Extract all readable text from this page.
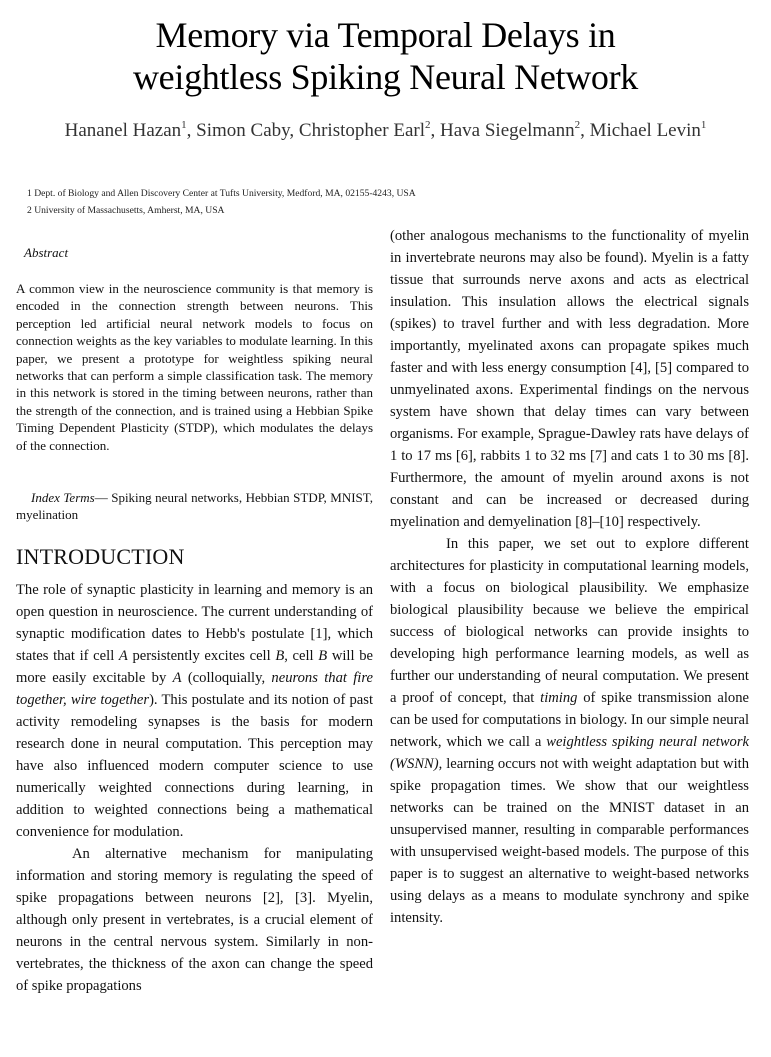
Memory via Temporal Delays in
weightless Spiking Neural Network
Hananel Hazan$^1$, Simon Caby, Christopher Earl$^2$, Hava Siegelmann$^2$, Michael Levin$^1$
1 Dept. of Biology and Allen Discovery Center at Tufts University, Medford, MA, 02155-4243, USA
2 University of Massachusetts, Amherst, MA, USA
Abstract
A common view in the neuroscience community is that memory is encoded in the connection strength between neurons. This perception led artificial neural network models to focus on connection weights as the key variables to modulate learning. In this paper, we present a prototype for weightless spiking neural networks that can perform a simple classification task. The memory in this network is stored in the timing between neurons, rather than the strength of the connection, and is trained using a Hebbian Spike Timing Dependent Plasticity (STDP), which modulates the delays of the connection.
Index Terms— Spiking neural networks, Hebbian STDP, MNIST, myelination
INTRODUCTION

The role of synaptic plasticity in learning and memory is an open question in neuroscience. The current understanding of synaptic modification dates to Hebb's postulate [1], which states that if cell A persistently excites cell B, cell B will be more easily excitable by A (colloquially, neurons that fire together, wire together). This postulate and its notion of past activity remodeling synapses is the basis for modern research done in neural computation. This perception may have also influenced modern computer science to use numerically weighted connections during learning, in addition to weighted connections being a mathematical convenience for modulation.

An alternative mechanism for manipulating information and storing memory is regulating the speed of spike propagations between neurons [2], [3]. Myelin, although only present in vertebrates, is a crucial element of neurons in the central nervous system. Similarly in non-vertebrates, the thickness of the axon can change the speed of spike propagations

(other analogous mechanisms to the functionality of myelin in invertebrate neurons may also be found). Myelin is a fatty tissue that surrounds nerve axons and acts as electrical insulation. This insulation allows the electrical signals (spikes) to travel further and with less degradation. More importantly, myelinated axons can propagate spikes much faster and with less energy consumption [4], [5] compared to unmyelinated axons. Experimental findings on the nervous system have shown that delay times can vary between organisms. For example, Sprague-Dawley rats have delays of 1 to 17 ms [6], rabbits 1 to 32 ms [7] and cats 1 to 30 ms [8]. Furthermore, the amount of myelin around axons is not constant and can be increased or decreased during myelination and demyelination [8]–[10] respectively.

In this paper, we set out to explore different architectures for plasticity in computational learning models, with a focus on biological plausibility. We emphasize biological plausibility because we believe the empirical success of biological networks can provide insights to developing high performance learning models, as well as further our understanding of neural computation. We present a proof of concept, that timing of spike transmission alone can be used for computations in biology. In our simple neural network, which we call a weightless spiking neural network (WSNN), learning occurs not with weight adaptation but with spike propagation times. We show that our weightless networks can be trained on the MNIST dataset in an unsupervised manner, resulting in comparable performances with unsupervised weight-based models. The purpose of this paper is to suggest an alternative to weight-based networks using delays as a means to modulate synchrony and spike intensity.
